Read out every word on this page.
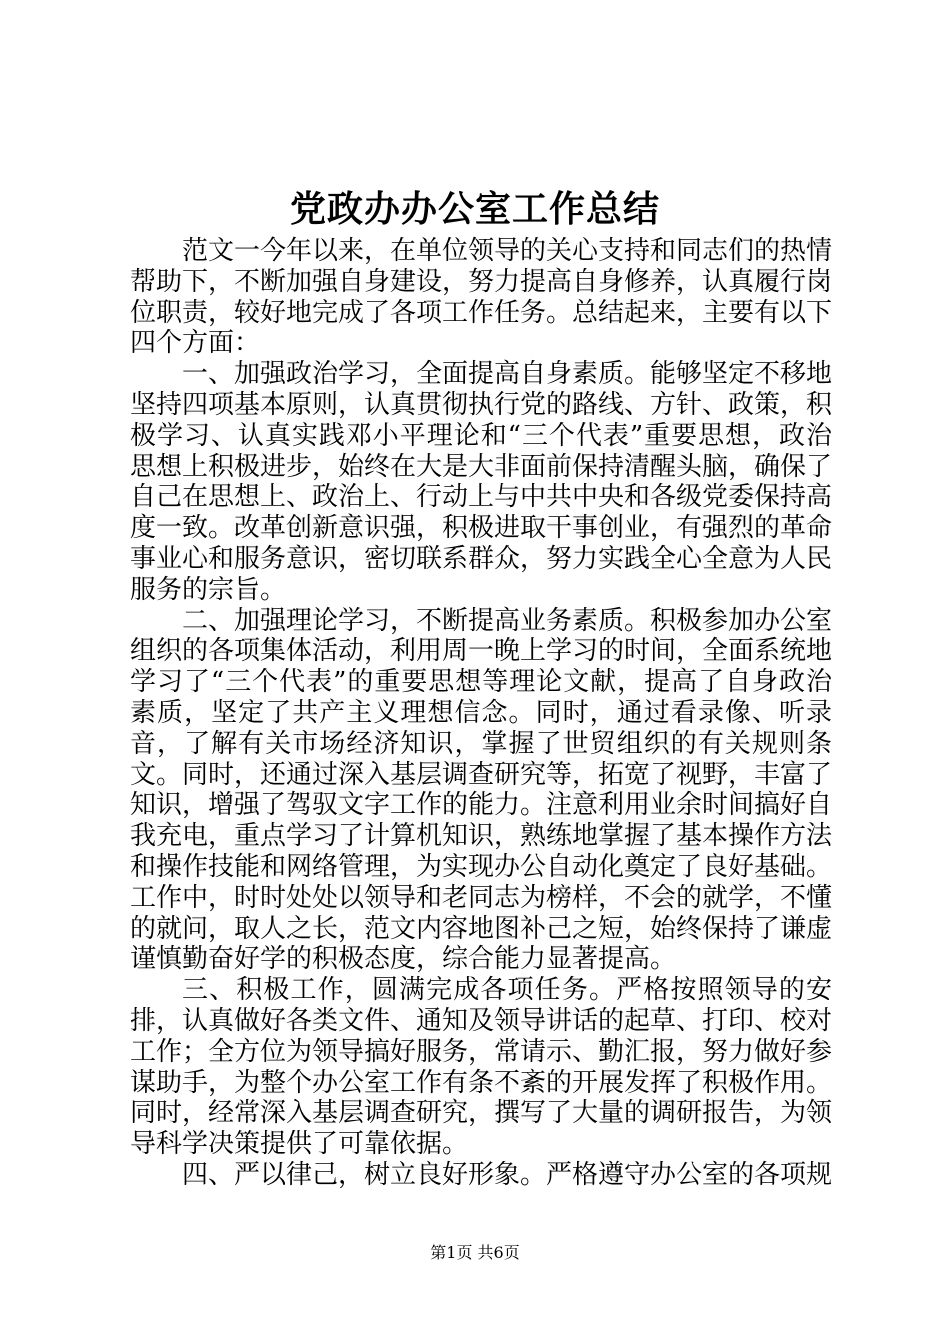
党政办办公室工作总结

范文一今年以来，在单位领导的关心支持和同志们的热情帮助下，不断加强自身建设，努力提高自身修养，认真履行岗位职责，较好地完成了各项工作任务。总结起来，主要有以下四个方面：

一、加强政治学习，全面提高自身素质。能够坚定不移地坚持四项基本原则，认真贯彻执行党的路线、方针、政策，积极学习、认真实践邓小平理论和“三个代表”重要思想，政治思想上积极进步，始终在大是大非面前保持清醒头脑，确保了自己在思想上、政治上、行动上与中共中央和各级党委保持高度一致。改革创新意识强，积极进取干事创业，有强烈的革命事业心和服务意识，密切联系群众，努力实践全心全意为人民服务的宗旨。

二、加强理论学习，不断提高业务素质。积极参加办公室组织的各项集体活动，利用周一晚上学习的时间，全面系统地学习了“三个代表”的重要思想等理论文献，提高了自身政治素质，坚定了共产主义理想信念。同时，通过看录像、听录音，了解有关市场经济知识，掌握了世贸组织的有关规则条文。同时，还通过深入基层调查研究等，拓宽了视野，丰富了知识，增强了驾驭文字工作的能力。注意利用业余时间搞好自我充电，重点学习了计算机知识，熟练地掌握了基本操作方法和操作技能和网络管理，为实现办公自动化奠定了良好基础。工作中，时时处处以领导和老同志为榜样，不会的就学，不懂的就问，取人之长，范文内容地图补己之短，始终保持了谦虚谨慎勤奋好学的积极态度，综合能力显著提高。

三、积极工作，圆满完成各项任务。严格按照领导的安排，认真做好各类文件、通知及领导讲话的起草、打印、校对工作；全方位为领导搞好服务，常请示、勤汇报，努力做好参谋助手，为整个办公室工作有条不紊的开展发挥了积极作用。同时，经常深入基层调查研究，撰写了大量的调研报告，为领导科学决策提供了可靠依据。

四、严以律己，树立良好形象。严格遵守办公室的各项规

第1页 共6页
